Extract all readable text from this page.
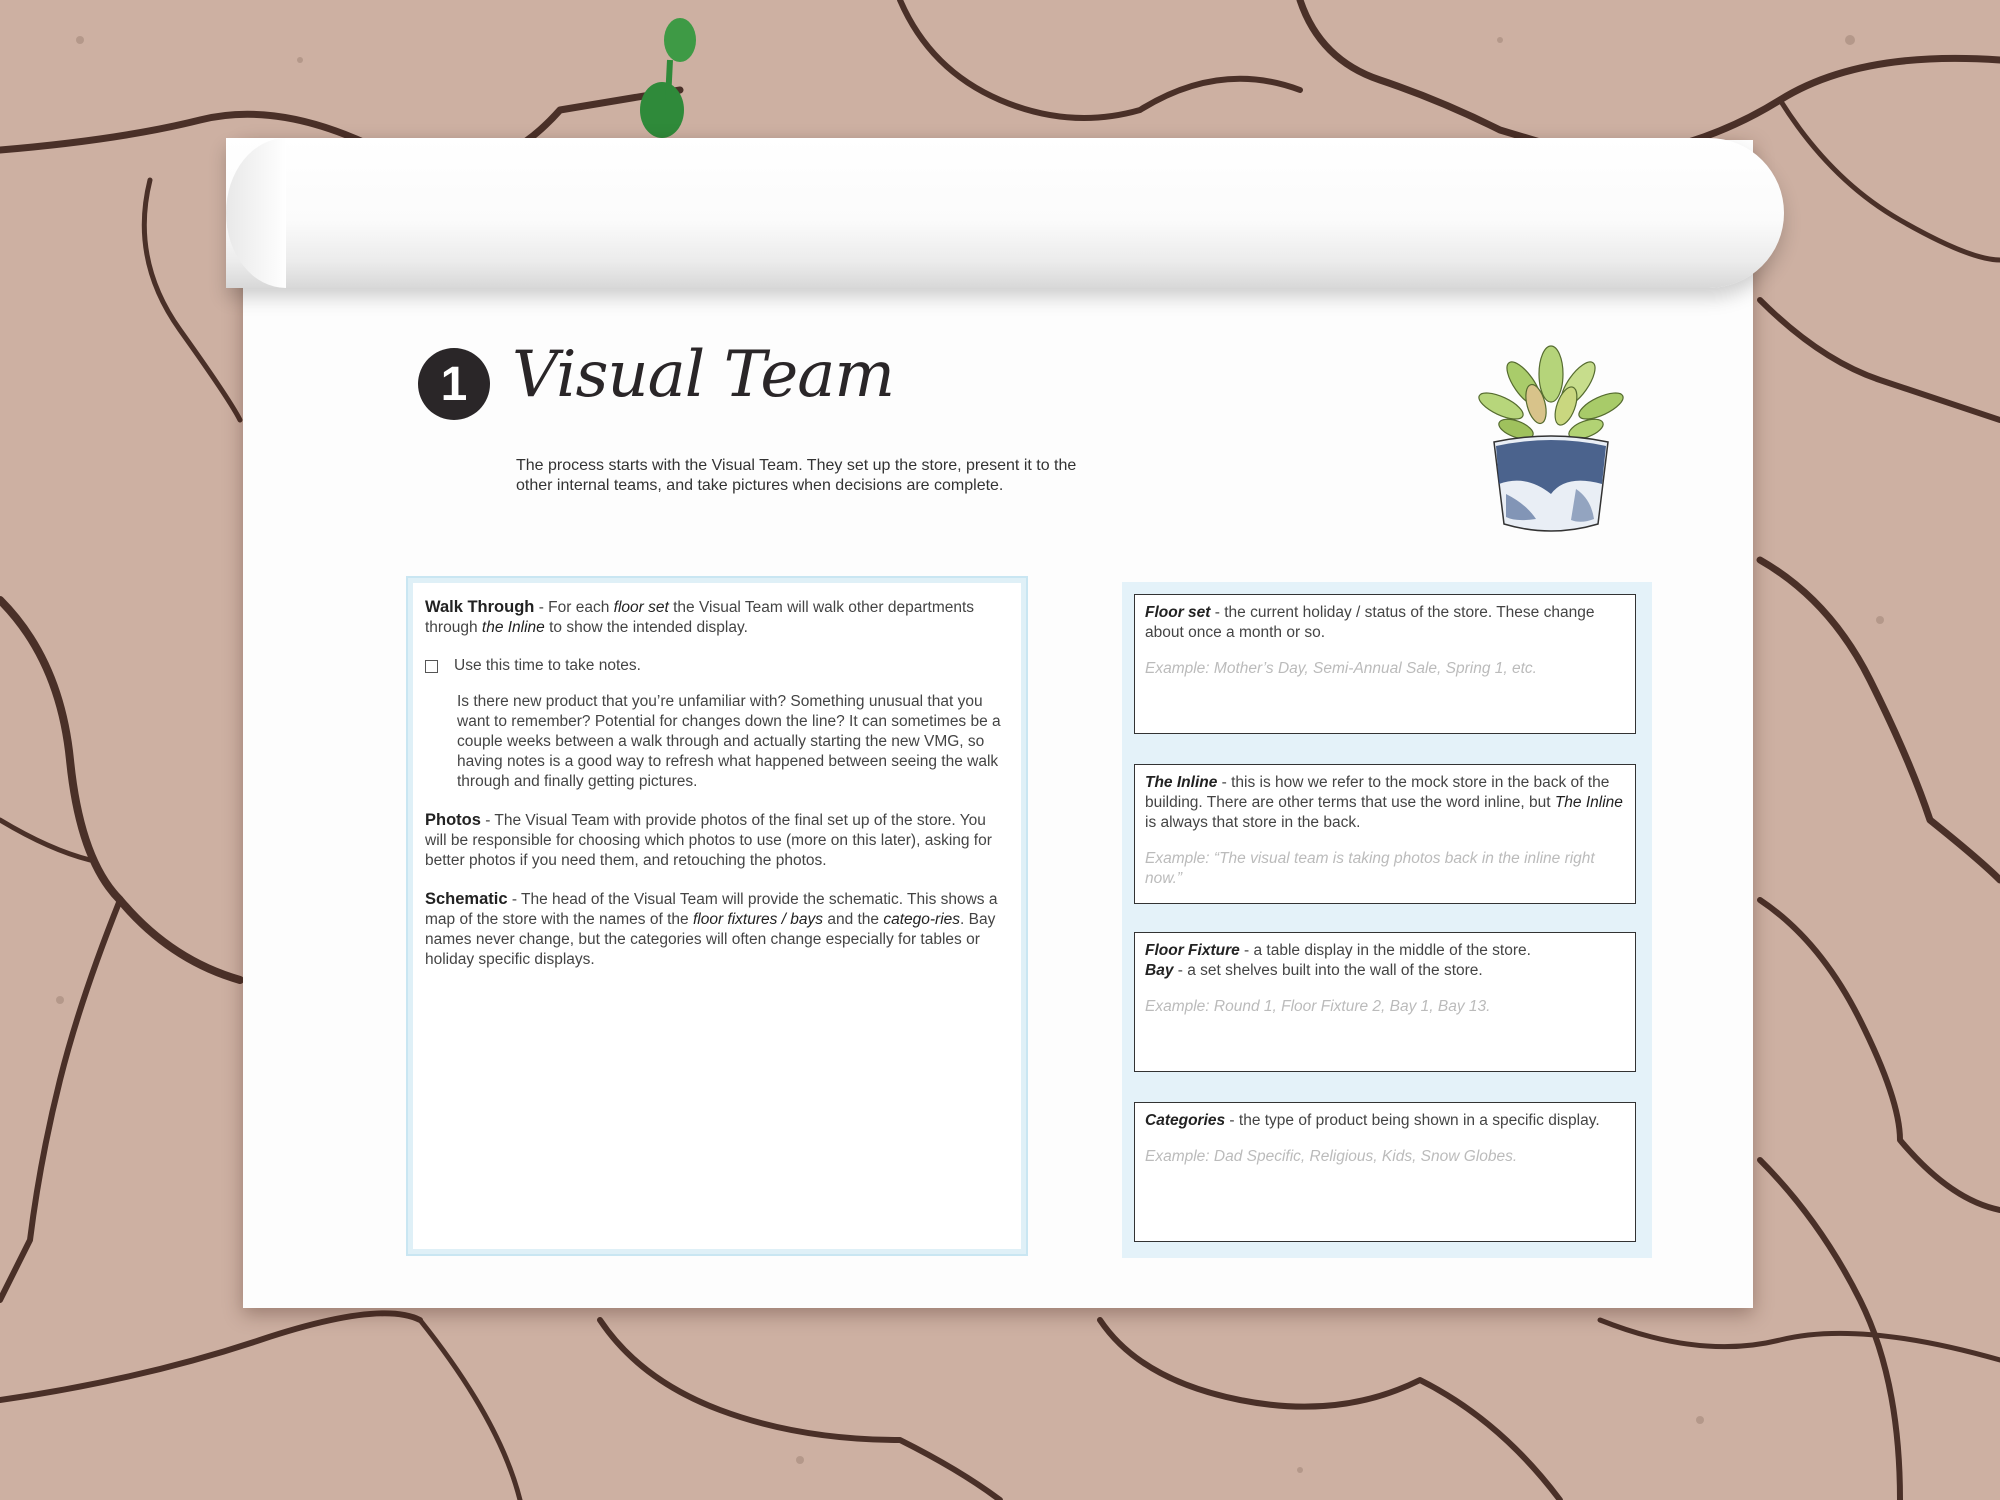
1 Visual Team
The process starts with the Visual Team. They set up the store, present it to the other internal teams, and take pictures when decisions are complete.

Walk Through - For each floor set the Visual Team will walk other departments through the Inline to show the intended display.

Use this time to take notes.

Is there new product that you’re unfamiliar with? Something unusual that you want to remember? Potential for changes down the line? It can sometimes be a couple weeks between a walk through and actually starting the new VMG, so having notes is a good way to refresh what happened between seeing the walk through and finally getting pictures.

Photos - The Visual Team with provide photos of the final set up of the store. You will be responsible for choosing which photos to use (more on this later), asking for better photos if you need them, and retouching the photos.

Schematic - The head of the Visual Team will provide the schematic. This shows a map of the store with the names of the floor fixtures / bays and the catego-ries. Bay names never change, but the categories will often change especially for tables or holiday specific displays.

Floor set - the current holiday / status of the store. These change about once a month or so.
Example: Mother’s Day, Semi-Annual Sale, Spring 1, etc.
The Inline - this is how we refer to the mock store in the back of the building. There are other terms that use the word inline, but The Inline is always that store in the back.
Example: “The visual team is taking photos back in the inline right now.”
Floor Fixture - a table display in the middle of the store.
Bay - a set shelves built into the wall of the store.
Example: Round 1, Floor Fixture 2, Bay 1, Bay 13.
Categories - the type of product being shown in a specific display.
Example: Dad Specific, Religious, Kids, Snow Globes.
